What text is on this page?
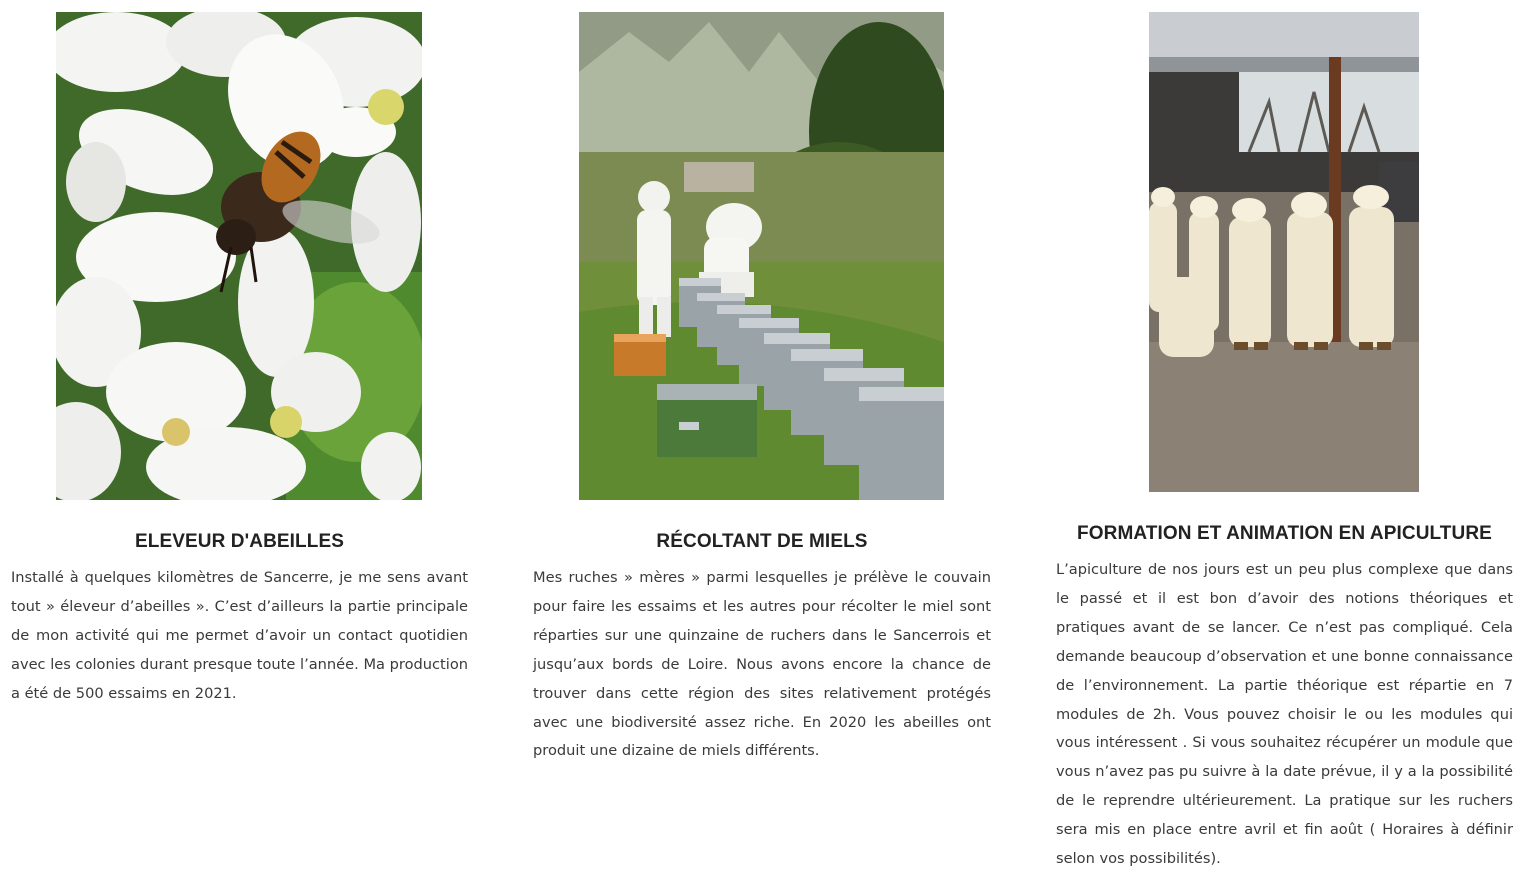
ELEVEUR D'ABEILLES

Installé à quelques kilomètres de Sancerre, je me sens avant tout » éleveur d’abeilles ». C’est d’ailleurs la partie principale de mon activité qui me permet d’avoir un contact quotidien avec les colonies durant presque toute l’année. Ma production a été de 500 essaims en 2021.

RÉCOLTANT DE MIELS

Mes ruches » mères » parmi lesquelles je prélève le couvain pour faire les essaims et les autres pour récolter le miel sont réparties sur une quinzaine de ruchers dans le Sancerrois et jusqu’aux bords de Loire. Nous avons encore la chance de trouver dans cette région des sites relativement protégés avec une biodiversité assez riche. En 2020 les abeilles ont produit une dizaine de miels différents.

FORMATION ET ANIMATION EN APICULTURE

L’apiculture de nos jours est un peu plus complexe que dans le passé et il est bon d’avoir des notions théoriques et pratiques avant de se lancer. Ce n’est pas compliqué. Cela demande beaucoup d’observation et une bonne connaissance de l’environnement. La partie théorique est répartie en 7 modules de 2h. Vous pouvez choisir le ou les modules qui vous intéressent . Si vous souhaitez récupérer un module que vous n’avez pas pu suivre à la date prévue, il y a la possibilité de le reprendre ultérieurement. La pratique sur les ruchers sera mis en place entre avril et fin août ( Horaires à définir selon vos possibilités).
